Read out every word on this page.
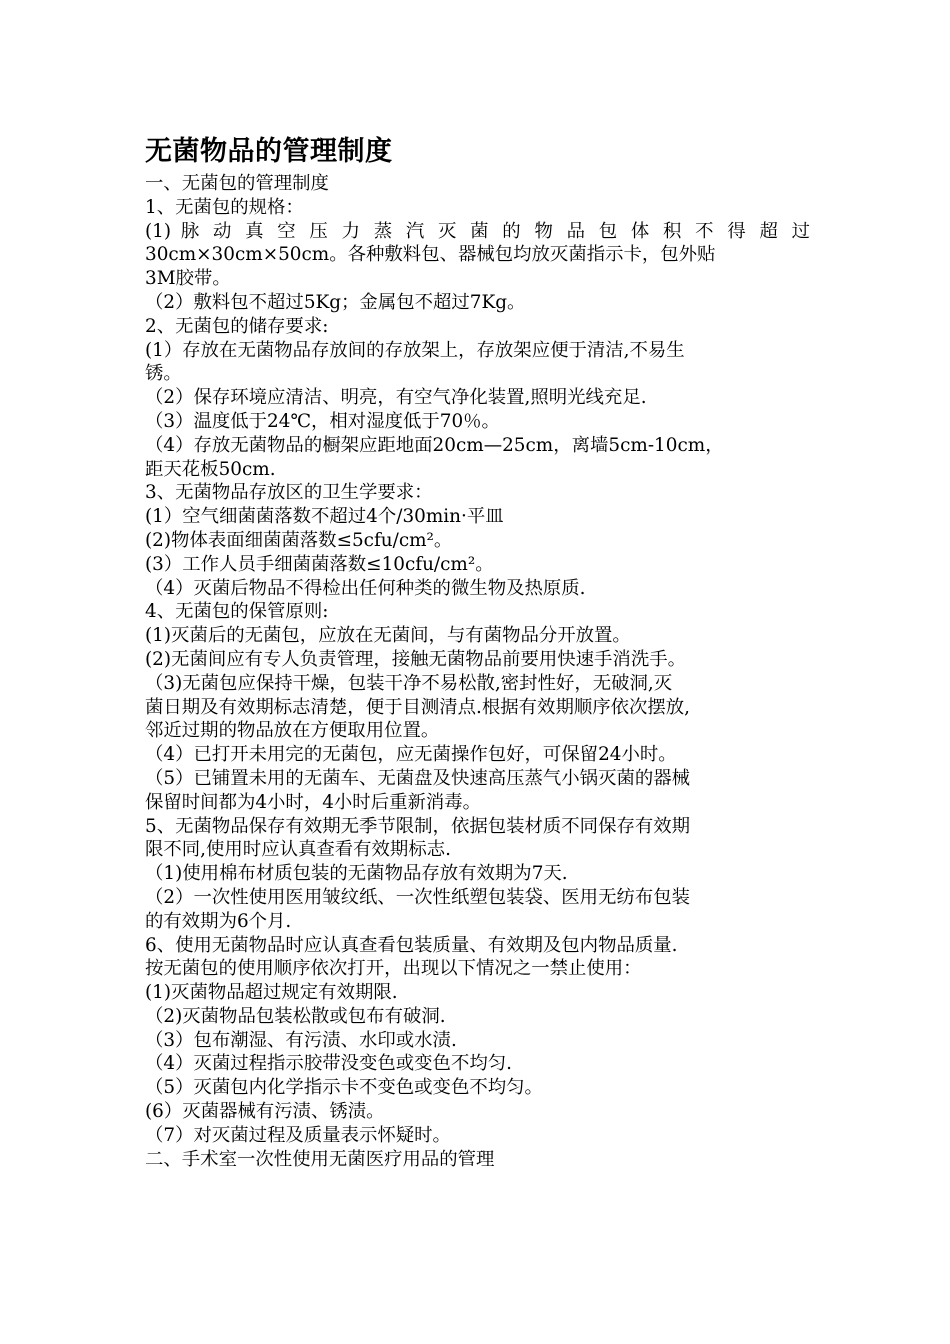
无菌物品的管理制度
一、无菌包的管理制度
1、无菌包的规格：
(1) 脉 动 真 空 压 力 蒸 汽 灭 菌 的 物 品 包 体 积 不 得 超 过
30cm×30cm×50cm。各种敷料包、器械包均放灭菌指示卡，包外贴
3M胶带。
（2）敷料包不超过5Kg；金属包不超过7Kg。
2、无菌包的储存要求:
(1）存放在无菌物品存放间的存放架上，存放架应便于清洁,不易生
锈。
（2）保存环境应清洁、明亮，有空气净化装置,照明光线充足.
（3）温度低于24℃，相对湿度低于70％。
（4）存放无菌物品的橱架应距地面20cm—25cm，离墙5cm-10cm，
距天花板50cm.
3、无菌物品存放区的卫生学要求：
(1）空气细菌菌落数不超过4个/30min·平皿
(2)物体表面细菌菌落数≤5cfu/cm²。
(3）工作人员手细菌菌落数≤10cfu/cm²。
（4）灭菌后物品不得检出任何种类的微生物及热原质.
4、无菌包的保管原则:
(1)灭菌后的无菌包，应放在无菌间，与有菌物品分开放置。
(2)无菌间应有专人负责管理，接触无菌物品前要用快速手消洗手。
（3)无菌包应保持干燥，包装干净不易松散,密封性好，无破洞,灭
菌日期及有效期标志清楚，便于目测清点.根据有效期顺序依次摆放,
邻近过期的物品放在方便取用位置。
（4）已打开未用完的无菌包，应无菌操作包好，可保留24小时。
（5）已铺置未用的无菌车、无菌盘及快速高压蒸气小锅灭菌的器械
保留时间都为4小时，4小时后重新消毒。
5、无菌物品保存有效期无季节限制，依据包装材质不同保存有效期
限不同,使用时应认真查看有效期标志.
（1)使用棉布材质包装的无菌物品存放有效期为7天.
（2）一次性使用医用皱纹纸、一次性纸塑包装袋、医用无纺布包装
的有效期为6个月.
6、使用无菌物品时应认真查看包装质量、有效期及包内物品质量.
按无菌包的使用顺序依次打开，出现以下情况之一禁止使用：
(1)灭菌物品超过规定有效期限.
（2)灭菌物品包装松散或包布有破洞.
（3）包布潮湿、有污渍、水印或水渍.
（4）灭菌过程指示胶带没变色或变色不均匀.
（5）灭菌包内化学指示卡不变色或变色不均匀。
(6）灭菌器械有污渍、锈渍。
（7）对灭菌过程及质量表示怀疑时。
二、手术室一次性使用无菌医疗用品的管理
